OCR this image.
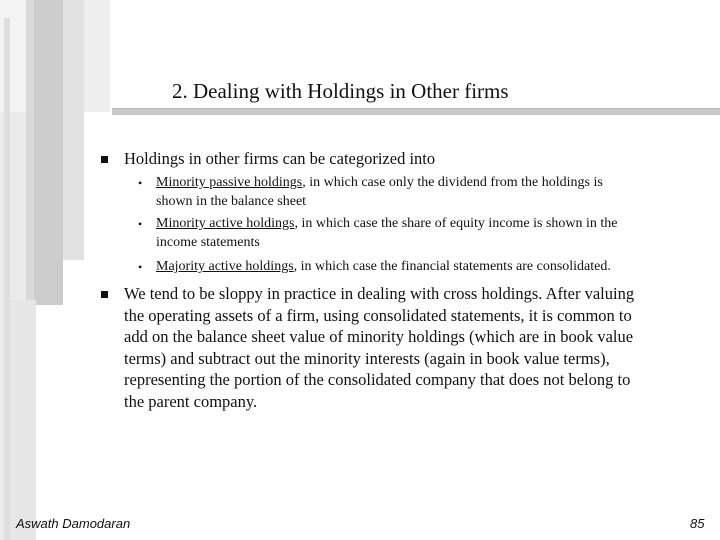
2. Dealing with Holdings in Other firms
Holdings in other firms can be categorized into
• Minority passive holdings, in which case only the dividend from the holdings is
shown in the balance sheet
• Minority active holdings, in which case the share of equity income is shown in the
income statements
• Majority active holdings, in which case the financial statements are consolidated.
We tend to be sloppy in practice in dealing with cross holdings. After valuing
the operating assets of a firm, using consolidated statements, it is common to
add on the balance sheet value of minority holdings (which are in book value
terms) and subtract out the minority interests (again in book value terms),
representing the portion of the consolidated company that does not belong to
the parent company.
Aswath Damodaran	85
